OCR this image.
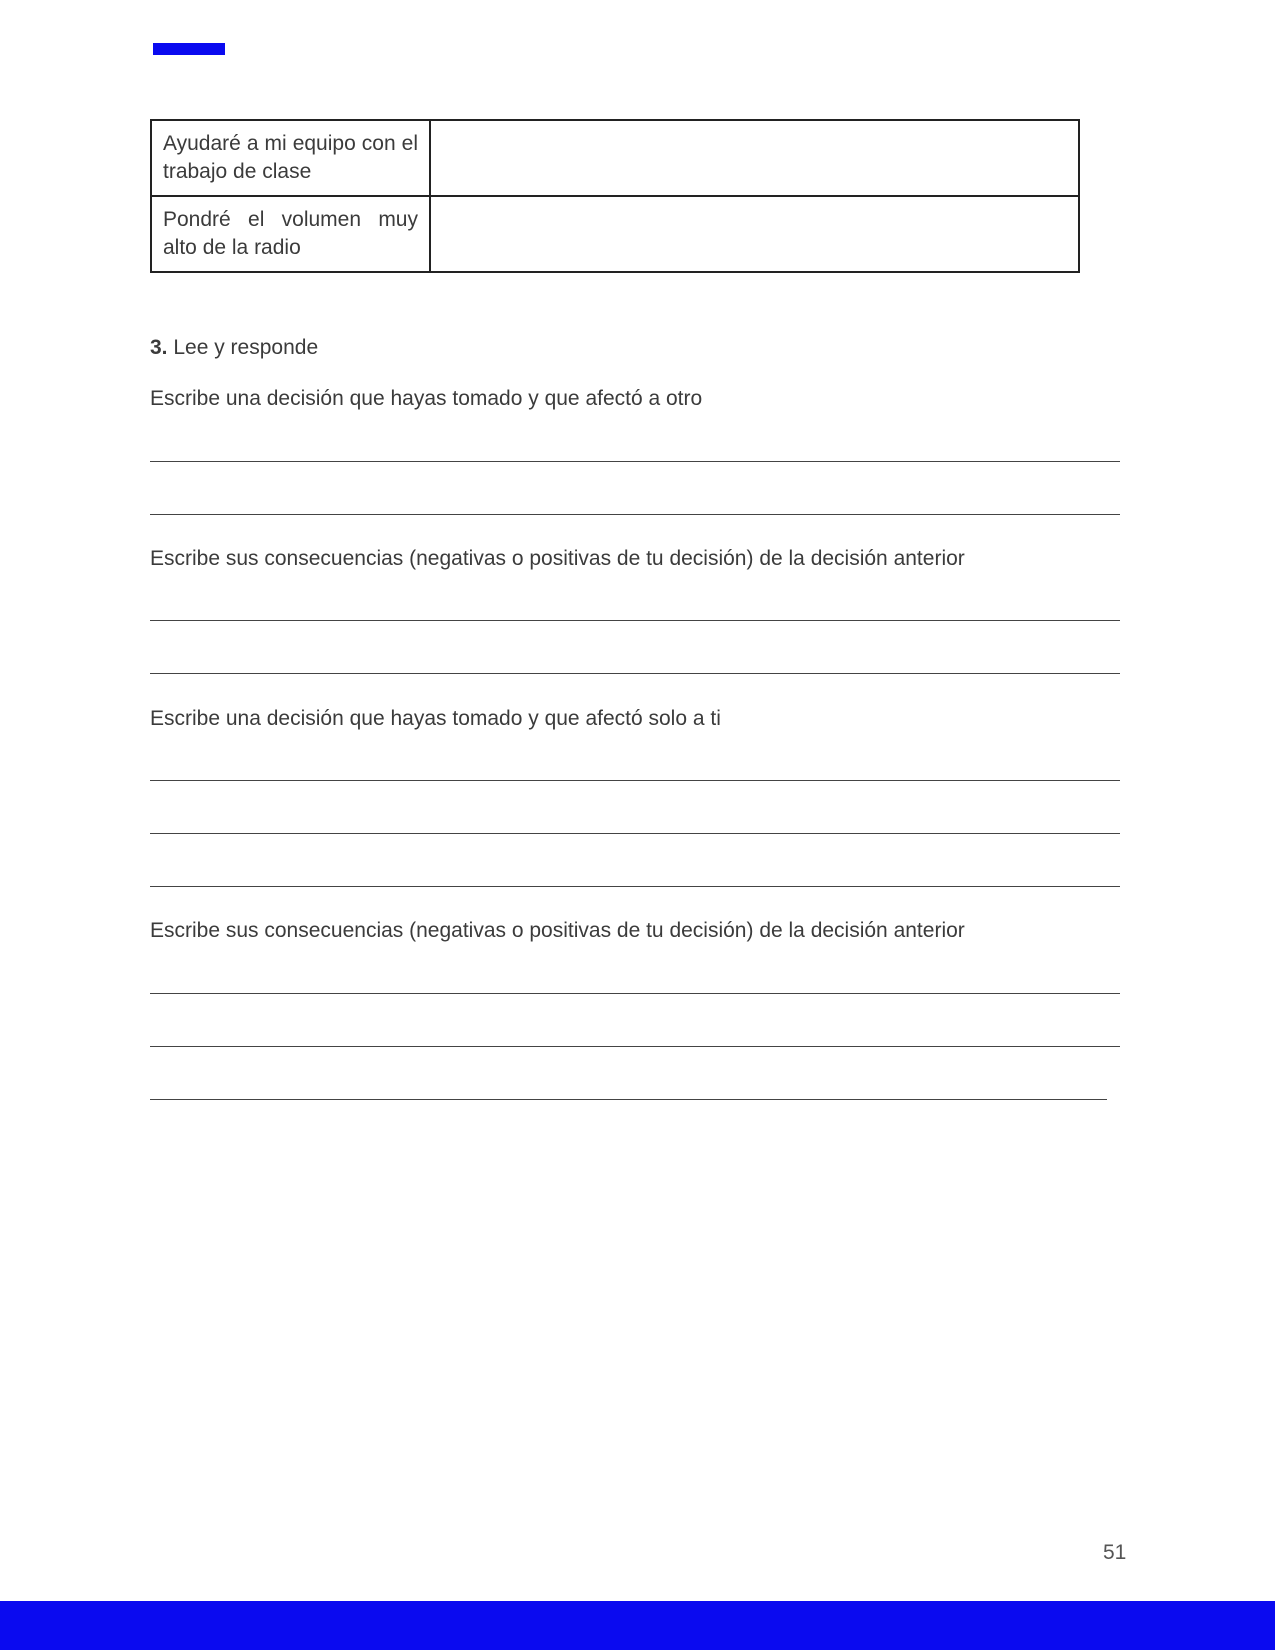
Ayudaré a mi equipo con el trabajo de clase	
Pondré el volumen muy alto de la radio	
3. Lee y responde
Escribe una decisión que hayas tomado y que afectó a otro
Escribe sus consecuencias (negativas o positivas de tu decisión) de la decisión anterior
Escribe una decisión que hayas tomado y que afectó solo a ti
Escribe sus consecuencias (negativas o positivas de tu decisión) de la decisión anterior
51
